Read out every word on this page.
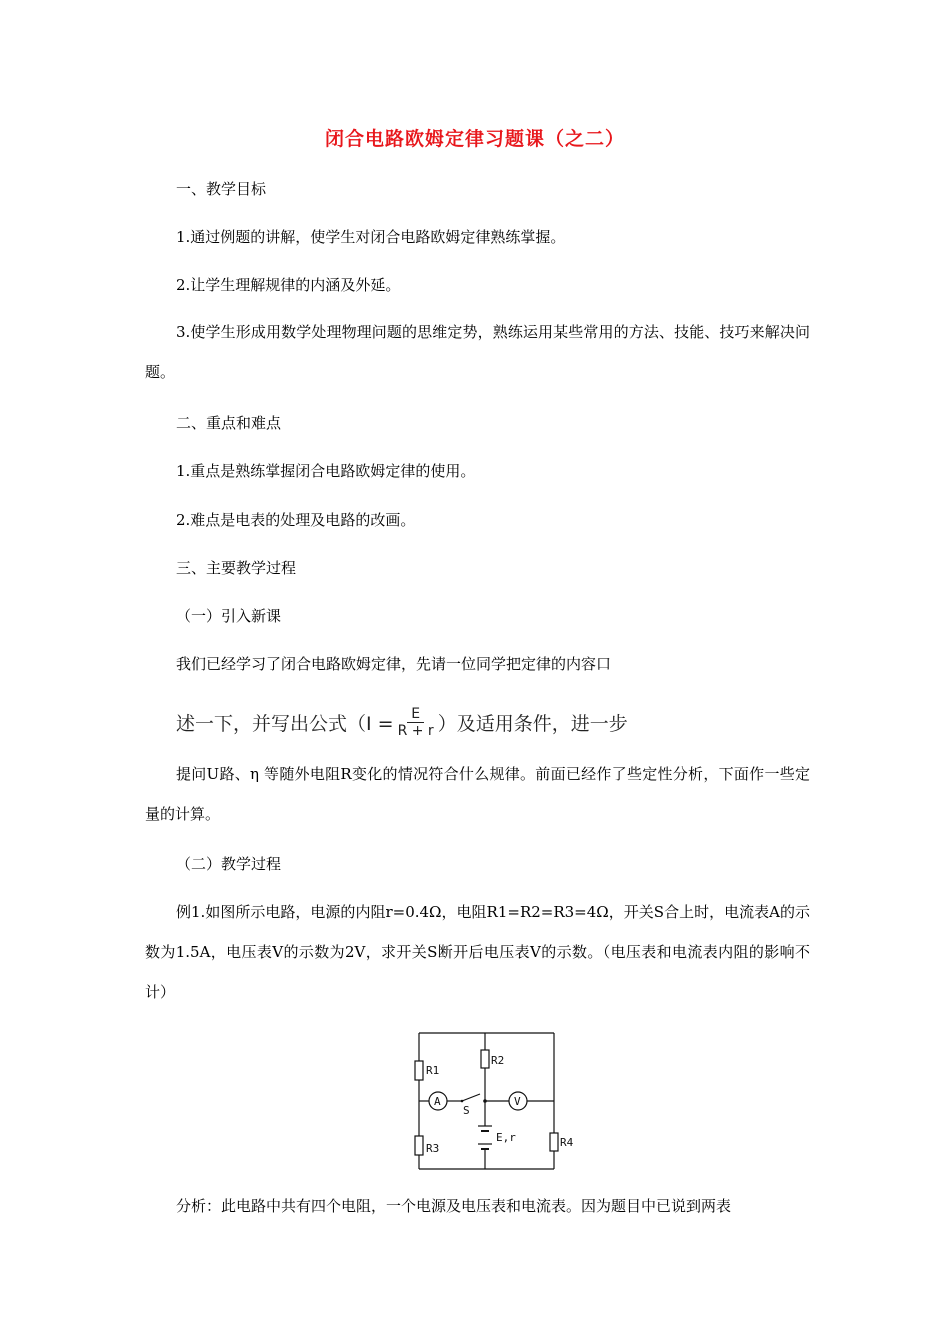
闭合电路欧姆定律习题课（之二）
一、教学目标
1.通过例题的讲解，使学生对闭合电路欧姆定律熟练掌握。
2.让学生理解规律的内涵及外延。
3.使学生形成用数学处理物理问题的思维定势，熟练运用某些常用的方法、技能、技巧来解决问题。
二、重点和难点
1.重点是熟练掌握闭合电路欧姆定律的使用。
2.难点是电表的处理及电路的改画。
三、主要教学过程
（一）引入新课
我们已经学习了闭合电路欧姆定律，先请一位同学把定律的内容口
述一下，并写出公式（$I = \frac{E}{R + r}$ ）及适用条件，进一步
提问U路、η 等随外电阻R变化的情况符合什么规律。前面已经作了些定性分析，下面作一些定量的计算。
（二）教学过程
例1.如图所示电路，电源的内阻r=0.4Ω，电阻R1=R2=R3=4Ω，开关S合上时，电流表A的示数为1.5A，电压表V的示数为2V，求开关S断开后电压表V的示数。（电压表和电流表内阻的影响不计）
A	V
R1
R2
R3	R4
S
E,r
分析：此电路中共有四个电阻，一个电源及电压表和电流表。因为题目中已说到两表
